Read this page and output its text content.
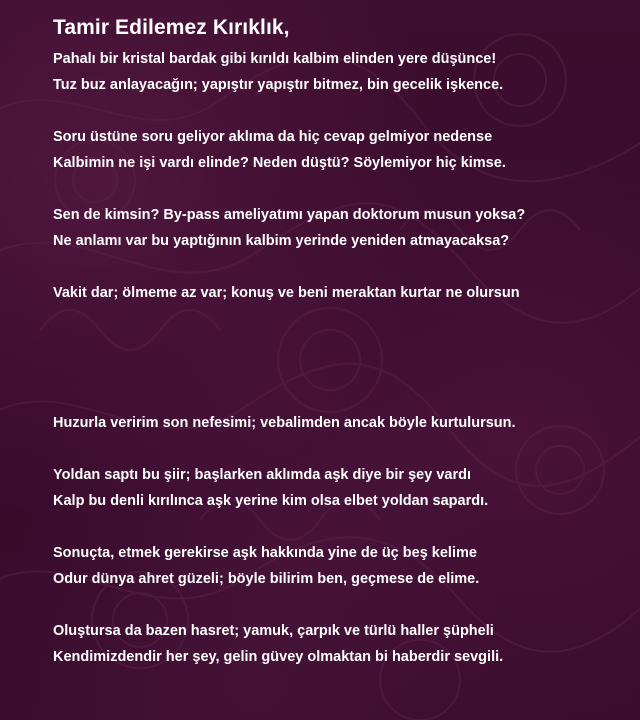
Tamir Edilemez Kırıklık,
Pahalı bir kristal bardak gibi kırıldı kalbim elinden yere düşünce!
Tuz buz anlayacağın; yapıştır yapıştır bitmez, bin gecelik işkence.
Soru üstüne soru geliyor aklıma da hiç cevap gelmiyor nedense
Kalbimin ne işi vardı elinde? Neden düştü? Söylemiyor hiç kimse.
Sen de kimsin? By-pass ameliyatımı yapan doktorum musun yoksa?
Ne anlamı var bu yaptığının kalbim yerinde yeniden atmayacaksa?
Vakit dar; ölmeme az var; konuş ve beni meraktan kurtar ne olursun
Huzurla veririm son nefesimi; vebalimden ancak böyle kurtulursun.
Yoldan saptı bu şiir; başlarken aklımda aşk diye bir şey vardı
Kalp bu denli kırılınca aşk yerine kim olsa elbet yoldan sapardı.
Sonuçta, etmek gerekirse aşk hakkında yine de üç beş kelime
Odur dünya ahret güzeli; böyle bilirim ben, geçmese de elime.
Oluştursa da bazen hasret; yamuk, çarpık ve türlü haller şüpheli
Kendimizdendir her şey, gelin güvey olmaktan bi haberdir sevgili.
